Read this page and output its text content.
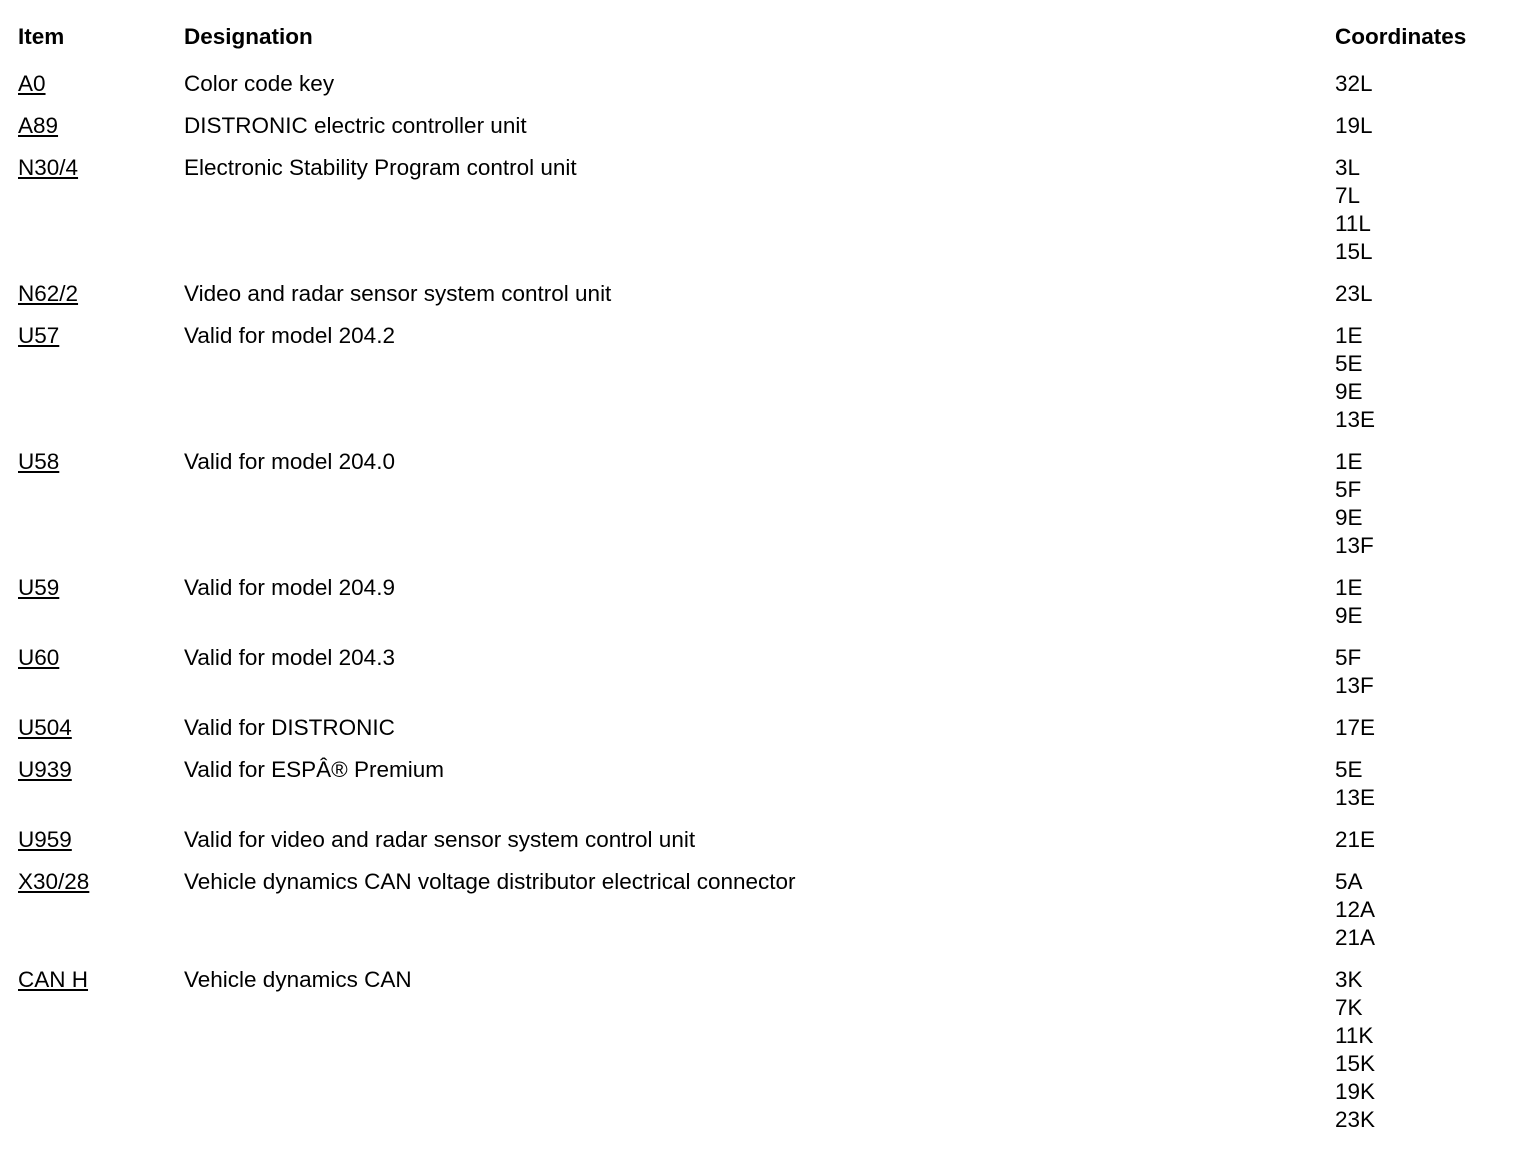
Item	Designation	Coordinates
A0	Color code key	32L
A89	DISTRONIC electric controller unit	19L
N30/4	Electronic Stability Program control unit	3L
7L
11L
15L
N62/2	Video and radar sensor system control unit	23L
U57	Valid for model 204.2	1E
5E
9E
13E
U58	Valid for model 204.0	1E
5F
9E
13F
U59	Valid for model 204.9	1E
9E
U60	Valid for model 204.3	5F
13F
U504	Valid for DISTRONIC	17E
U939	Valid for ESPÂ® Premium	5E
13E
U959	Valid for video and radar sensor system control unit	21E
X30/28	Vehicle dynamics CAN voltage distributor electrical connector	5A
12A
21A
CAN H	Vehicle dynamics CAN	3K
7K
11K
15K
19K
23K
